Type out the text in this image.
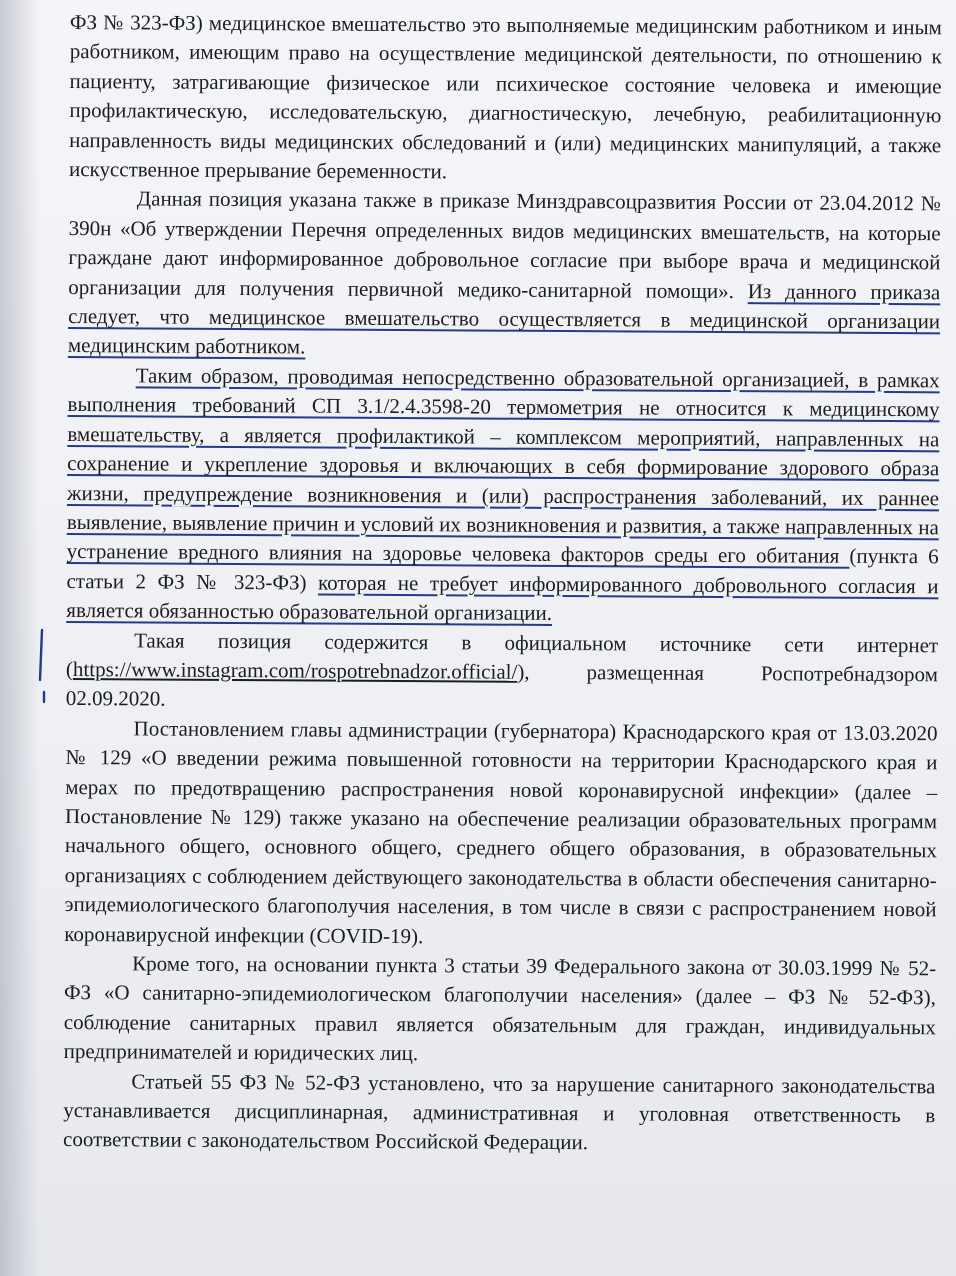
ФЗ № 323-ФЗ) медицинское вмешательство это выполняемые медицинским работником и иным работником, имеющим право на осуществление медицинской деятельности, по отношению к пациенту, затрагивающие физическое или психическое состояние человека и имеющие профилактическую, исследовательскую, диагностическую, лечебную, реабилитационную направленность виды медицинских обследований и (или) медицинских манипуляций, а также искусственное прерывание беременности.

Данная позиция указана также в приказе Минздравсоцразвития России от 23.04.2012 № 390н «Об утверждении Перечня определенных видов медицинских вмешательств, на которые граждане дают информированное добровольное согласие при выборе врача и медицинской организации для получения первичной медико-санитарной помощи». Из данного приказа следует, что медицинское вмешательство осуществляется в медицинской организации медицинским работником.

Таким образом, проводимая непосредственно образовательной организацией, в рамках выполнения требований СП 3.1/2.4.3598-20 термометрия не относится к медицинскому вмешательству, а является профилактикой – комплексом мероприятий, направленных на сохранение и укрепление здоровья и включающих в себя формирование здорового образа жизни, предупреждение возникновения и (или) распространения заболеваний, их раннее выявление, выявление причин и условий их возникновения и развития, а также направленных на устранение вредного влияния на здоровье человека факторов среды его обитания (пункта 6 статьи 2 ФЗ № 323-ФЗ) которая не требует информированного добровольного согласия и является обязанностью образовательной организации.

Такая позиция содержится в официальном источнике сети интернет (https://www.instagram.com/rospotrebnadzor.official/), размещенная Роспотребнадзором 02.09.2020.

Постановлением главы администрации (губернатора) Краснодарского края от 13.03.2020 № 129 «О введении режима повышенной готовности на территории Краснодарского края и мерах по предотвращению распространения новой коронавирусной инфекции» (далее – Постановление № 129) также указано на обеспечение реализации образовательных программ начального общего, основного общего, среднего общего образования, в образовательных организациях с соблюдением действующего законодательства в области обеспечения санитарно-эпидемиологического благополучия населения, в том числе в связи с распространением новой коронавирусной инфекции (COVID-19).

Кроме того, на основании пункта 3 статьи 39 Федерального закона от 30.03.1999 № 52-ФЗ «О санитарно-эпидемиологическом благополучии населения» (далее – ФЗ № 52-ФЗ), соблюдение санитарных правил является обязательным для граждан, индивидуальных предпринимателей и юридических лиц.

Статьей 55 ФЗ № 52-ФЗ установлено, что за нарушение санитарного законодательства устанавливается дисциплинарная, административная и уголовная ответственность в соответствии с законодательством Российской Федерации.
